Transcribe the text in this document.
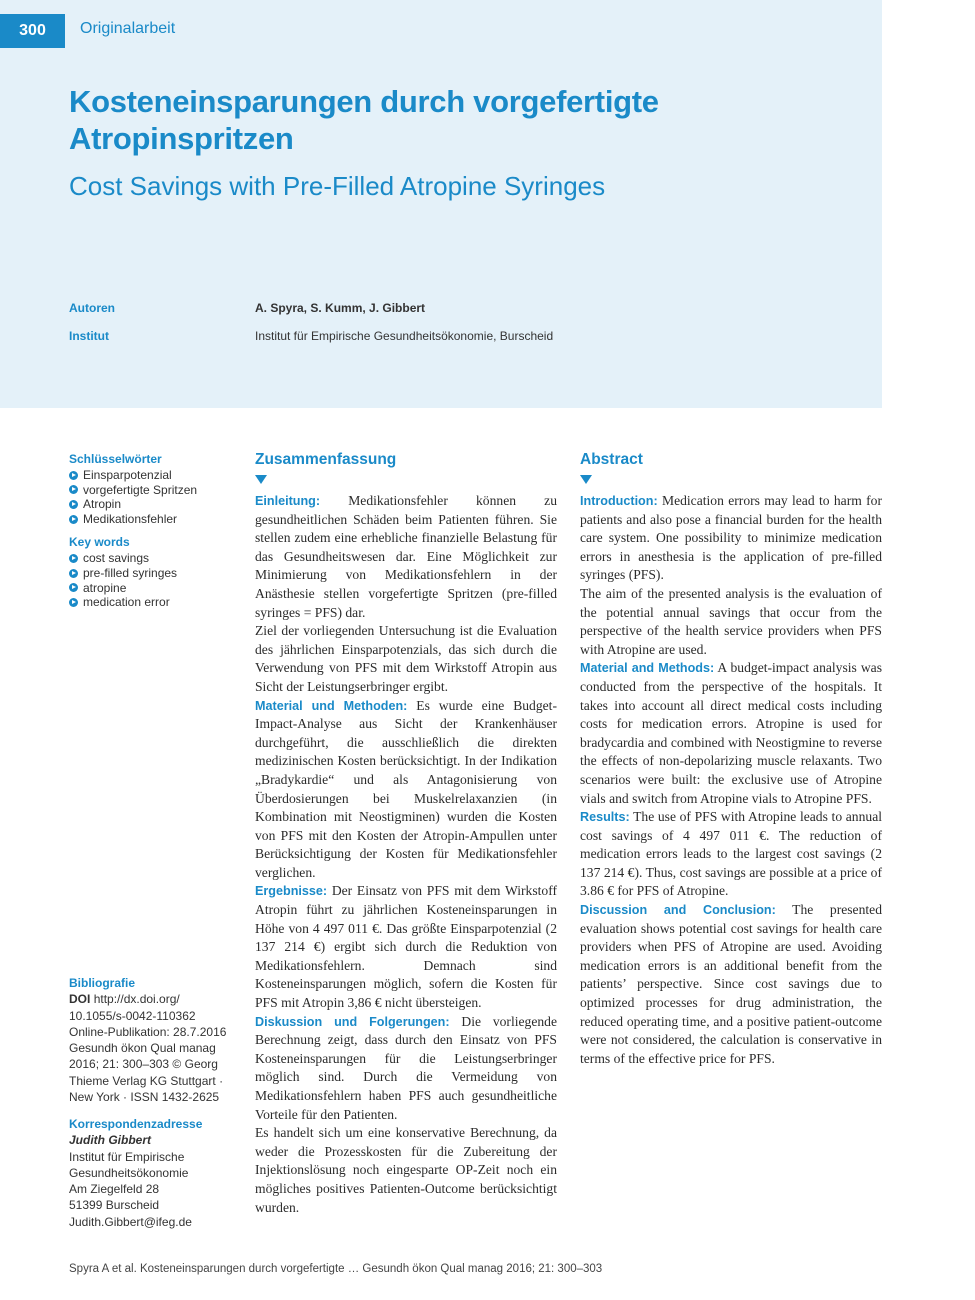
300	Originalarbeit
Kosteneinsparungen durch vorgefertigte Atropinspritzen
Cost Savings with Pre-Filled Atropine Syringes
Autoren	A. Spyra, S. Kumm, J. Gibbert
Institut	Institut für Empirische Gesundheitsökonomie, Burscheid
Schlüsselwörter
Einsparpotenzial
vorgefertigte Spritzen
Atropin
Medikationsfehler
Key words
cost savings
pre-filled syringes
atropine
medication error
Bibliografie
DOI http://dx.doi.org/
10.1055/s-0042-110362
Online-Publikation: 28.7.2016
Gesundh ökon Qual manag
2016; 21: 300–303 © Georg
Thieme Verlag KG Stuttgart ·
New York · ISSN 1432-2625
Korrespondenzadresse
Judith Gibbert
Institut für Empirische
Gesundheitsökonomie
Am Ziegelfeld 28
51399 Burscheid
Judith.Gibbert@ifeg.de
Zusammenfassung

Einleitung: Medikationsfehler können zu gesundheitlichen Schäden beim Patienten führen. Sie stellen zudem eine erhebliche finanzielle Belastung für das Gesundheitswesen dar. Eine Möglichkeit zur Minimierung von Medikationsfehlern in der Anästhesie stellen vorgefertigte Spritzen (pre-filled syringes = PFS) dar.

Ziel der vorliegenden Untersuchung ist die Evaluation des jährlichen Einsparpotenzials, das sich durch die Verwendung von PFS mit dem Wirkstoff Atropin aus Sicht der Leistungserbringer ergibt.

Material und Methoden: Es wurde eine Budget-Impact-Analyse aus Sicht der Krankenhäuser durchgeführt, die ausschließlich die direkten medizinischen Kosten berücksichtigt. In der Indikation „Bradykardie“ und als Antagonisierung von Überdosierungen bei Muskelrelaxanzien (in Kombination mit Neostigminen) wurden die Kosten von PFS mit den Kosten der Atropin-Ampullen unter Berücksichtigung der Kosten für Medikationsfehler verglichen.

Ergebnisse: Der Einsatz von PFS mit dem Wirkstoff Atropin führt zu jährlichen Kosteneinsparungen in Höhe von 4 497 011 €. Das größte Einsparpotenzial (2 137 214 €) ergibt sich durch die Reduktion von Medikationsfehlern. Demnach sind Kosteneinsparungen möglich, sofern die Kosten für PFS mit Atropin 3,86 € nicht übersteigen.

Diskussion und Folgerungen: Die vorliegende Berechnung zeigt, dass durch den Einsatz von PFS Kosteneinsparungen für die Leistungserbringer möglich sind. Durch die Vermeidung von Medikationsfehlern haben PFS auch gesundheitliche Vorteile für den Patienten.

Es handelt sich um eine konservative Berechnung, da weder die Prozesskosten für die Zubereitung der Injektionslösung noch eingesparte OP-Zeit noch ein mögliches positives Patienten-Outcome berücksichtigt wurden.

Abstract

Introduction: Medication errors may lead to harm for patients and also pose a financial burden for the health care system. One possibility to minimize medication errors in anesthesia is the application of pre-filled syringes (PFS).

The aim of the presented analysis is the evaluation of the potential annual savings that occur from the perspective of the health service providers when PFS with Atropine are used.

Material and Methods: A budget-impact analysis was conducted from the perspective of the hospitals. It takes into account all direct medical costs including costs for medication errors. Atropine is used for bradycardia and combined with Neostigmine to reverse the effects of non-depolarizing muscle relaxants. Two scenarios were built: the exclusive use of Atropine vials and switch from Atropine vials to Atropine PFS.

Results: The use of PFS with Atropine leads to annual cost savings of 4 497 011 €. The reduction of medication errors leads to the largest cost savings (2 137 214 €). Thus, cost savings are possible at a price of 3.86 € for PFS of Atropine.

Discussion and Conclusion: The presented evaluation shows potential cost savings for health care providers when PFS of Atropine are used. Avoiding medication errors is an additional benefit from the patients’ perspective. Since cost savings due to optimized processes for drug administration, the reduced operating time, and a positive patient-outcome were not considered, the calculation is conservative in terms of the effective price for PFS.

Spyra A et al. Kosteneinsparungen durch vorgefertigte … Gesundh ökon Qual manag 2016; 21: 300–303
